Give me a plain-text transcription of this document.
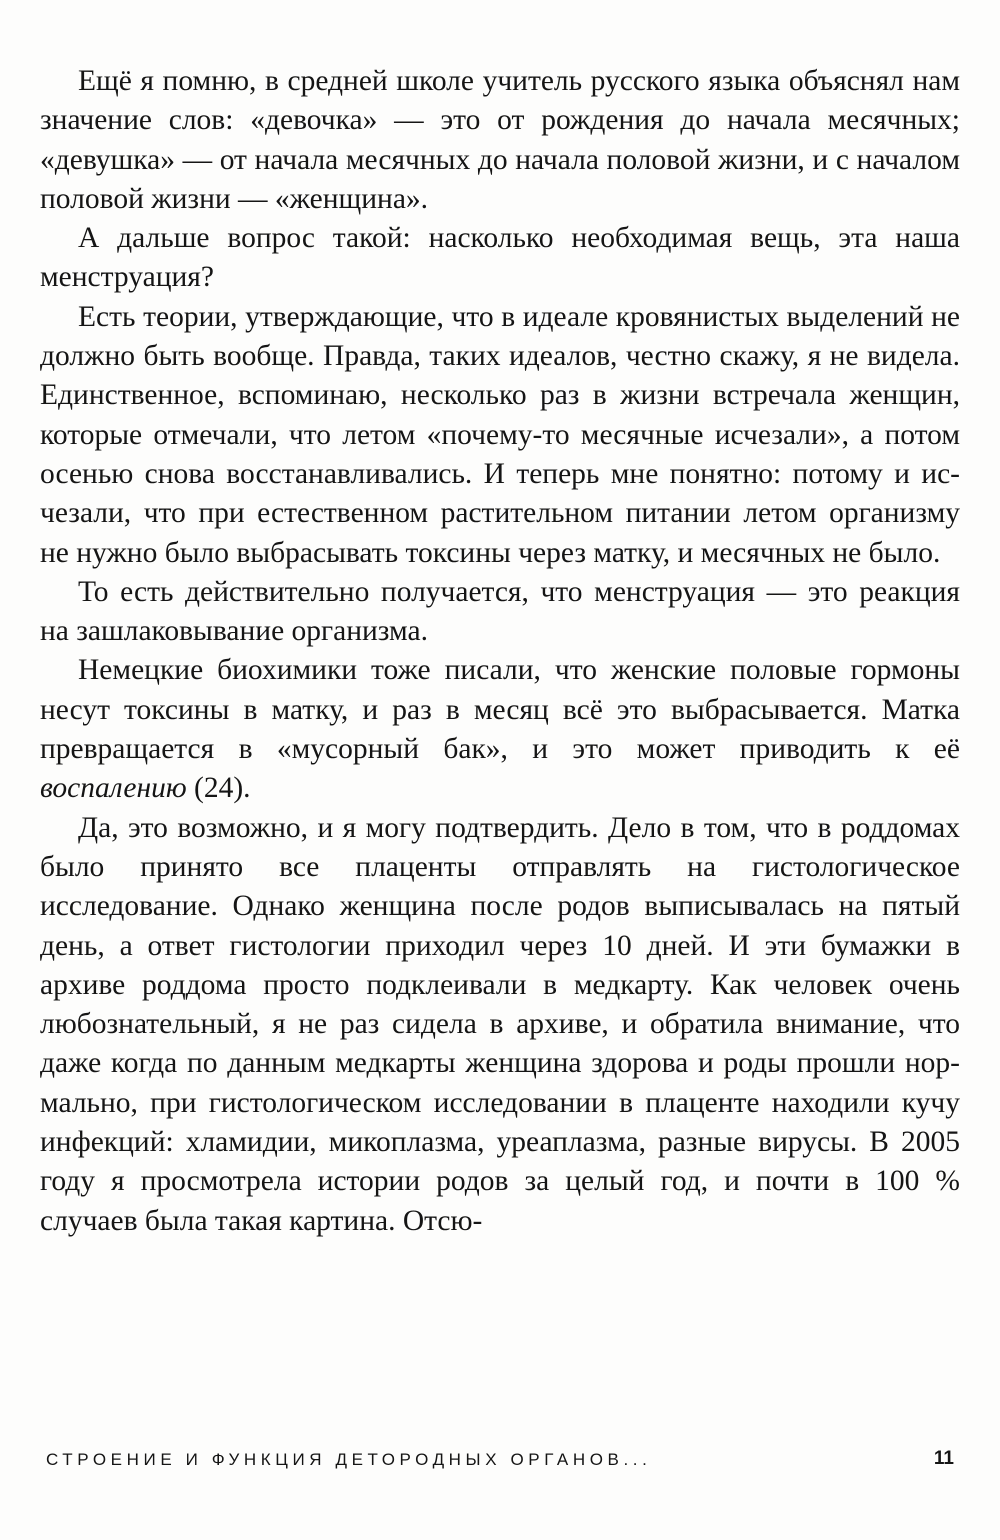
Ещё я помню, в средней школе учитель русского языка объяснял нам значение слов: «девочка» — это от рождения до начала месячных; «девушка» — от начала месячных до начала половой жизни, и с началом половой жизни — «женщина».

А дальше вопрос такой: насколько необходимая вещь, эта наша менструация?

Есть теории, утверждающие, что в идеале кровянистых выделений не должно быть вообще. Правда, таких идеалов, честно скажу, я не видела. Единственное, вспоминаю, несколько раз в жизни встречала женщин, которые отмечали, что летом «почему-то месячные исчезали», а потом осенью снова восстанавливались. И теперь мне понятно: потому и исчезали, что при естественном растительном питании летом организму не нужно было выбрасывать токсины через матку, и месячных не было.

То есть действительно получается, что менструация — это реакция на зашлаковывание организма.

Немецкие биохимики тоже писали, что женские половые гормоны несут токсины в матку, и раз в месяц всё это выбрасывается. Матка превращается в «мусорный бак», и это может приводить к её воспалению (24).

Да, это возможно, и я могу подтвердить. Дело в том, что в роддомах было принято все плаценты отправлять на гистологическое исследование. Однако женщина после родов выписывалась на пятый день, а ответ гистологии приходил через 10 дней. И эти бумажки в архиве роддома просто подклеивали в медкарту. Как человек очень любознательный, я не раз сидела в архиве, и обратила внимание, что даже когда по данным медкарты женщина здорова и роды прошли нормально, при гистологическом исследовании в плаценте находили кучу инфекций: хламидии, микоплазма, уреаплазма, разные вирусы. В 2005 году я просмотрела истории родов за целый год, и почти в 100 % случаев была такая картина. Отсю-

СТРОЕНИЕ И ФУНКЦИЯ ДЕТОРОДНЫХ ОРГАНОВ...	11
